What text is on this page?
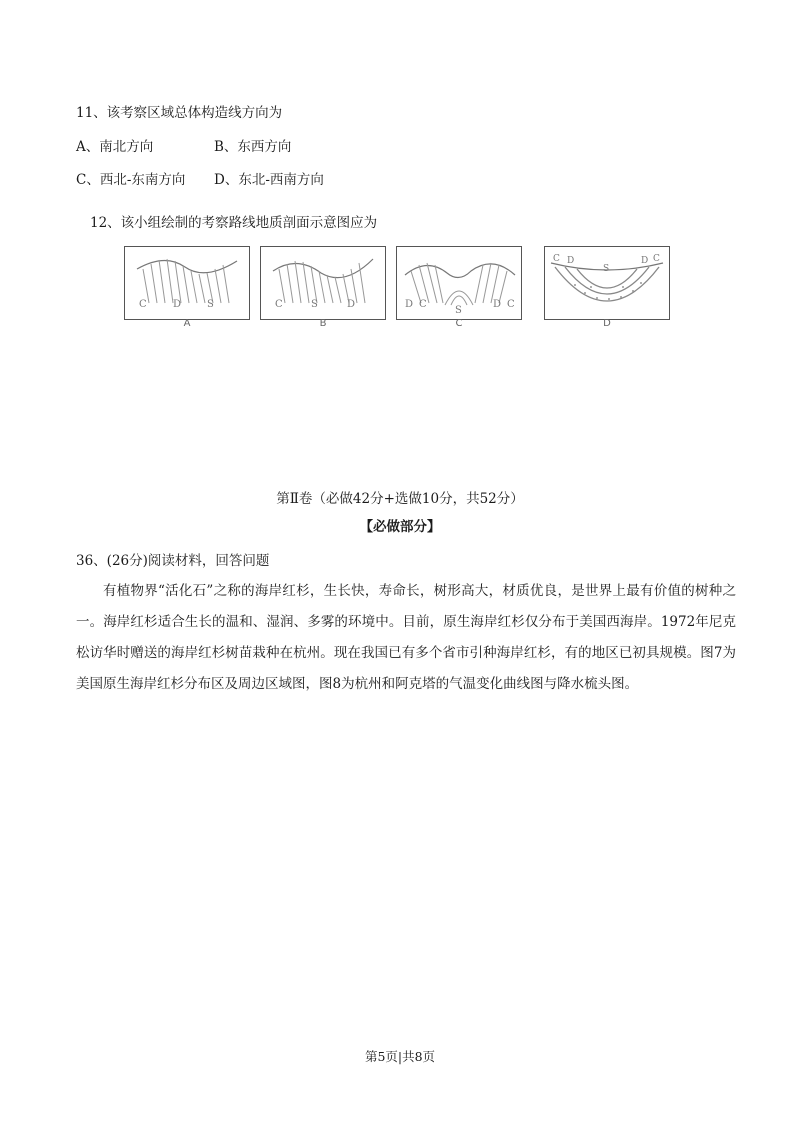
11、该考察区域总体构造线方向为
A、南北方向	B、东西方向
C、西北-东南方向 D、东北-西南方向
12、该小组绘制的考察路线地质剖面示意图应为
C	D	S
A
C	S	D
B
D C
S
D C
C
C D
S
D C
D
第Ⅱ卷（必做42分+选做10分，共52分）
【必做部分】
36、(26分)阅读材料，回答问题
有植物界“活化石”之称的海岸红杉，生长快，寿命长，树形高大，材质优良，是世界上最有价值的树种之一。海岸红杉适合生长的温和、湿润、多雾的环境中。目前，原生海岸红杉仅分布于美国西海岸。1972年尼克松访华时赠送的海岸红杉树苗栽种在杭州。现在我国已有多个省市引种海岸红杉，有的地区已初具规模。图7为美国原生海岸红杉分布区及周边区域图，图8为杭州和阿克塔的气温变化曲线图与降水梳头图。
第5页|共8页
